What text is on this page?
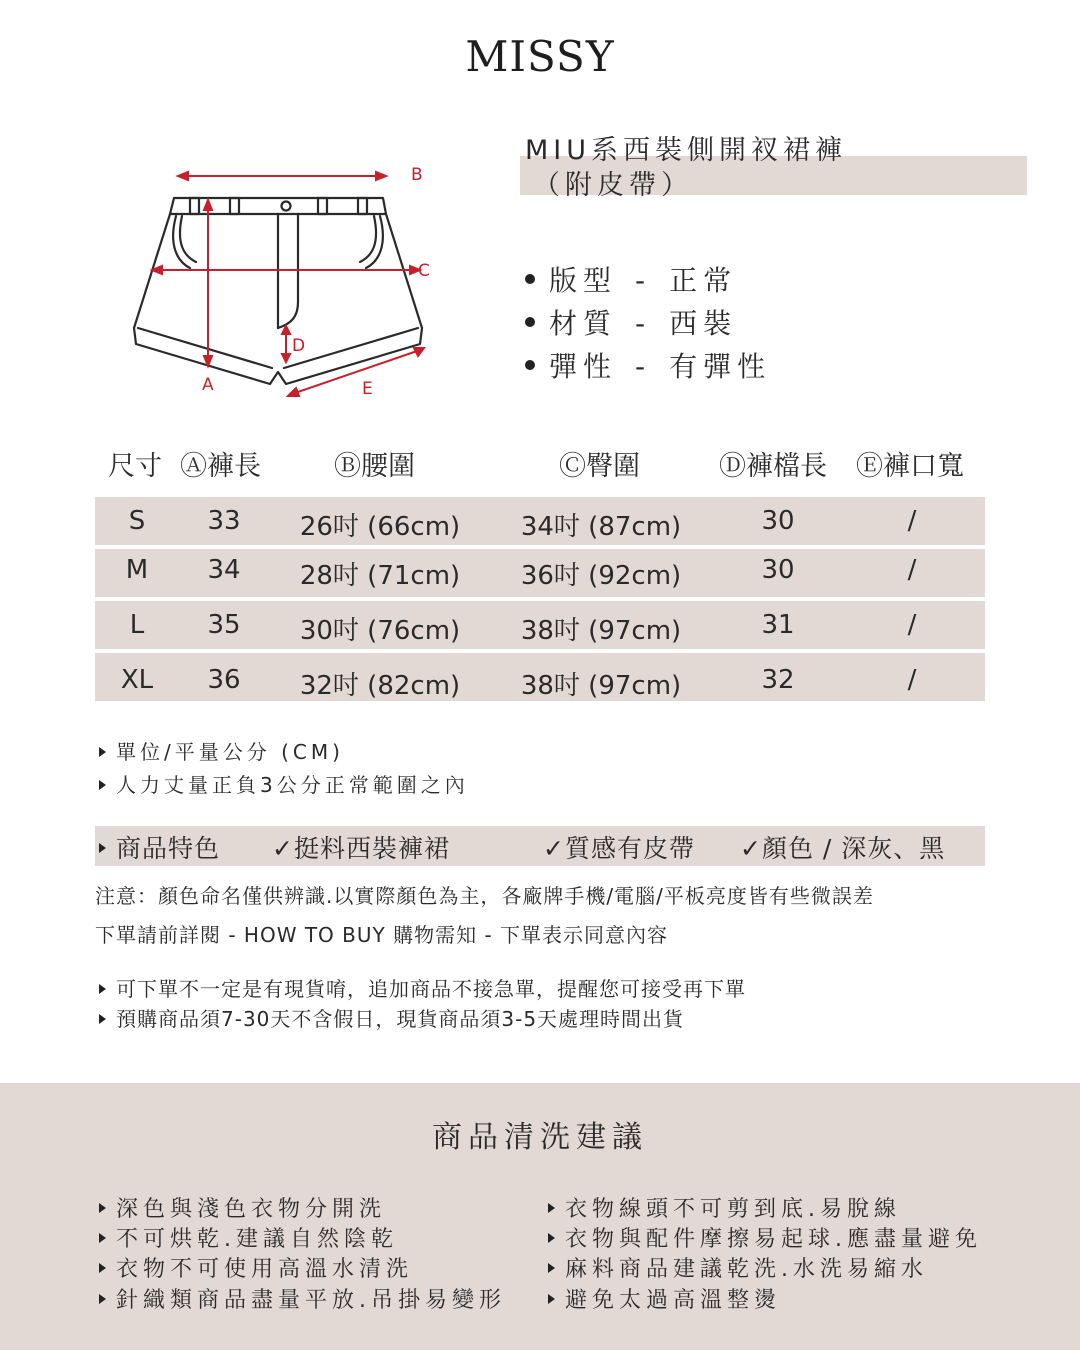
MISSY
B
C
A
D
E
MIU系西裝側開衩裙褲
（附皮帶）
版型 - 正常
材質 - 西裝
彈性 - 有彈性
尺寸 Ⓐ褲長	Ⓑ腰圍	Ⓒ臀圍	Ⓓ褲檔長 Ⓔ褲口寬
S 33 26吋 (66cm) 34吋 (87cm)	30	/
M 34 28吋 (71cm) 36吋 (92cm)	30	/
L 35 30吋 (76cm) 38吋 (97cm)	31	/
XL 36 32吋 (82cm) 38吋 (97cm)	32	/
單位/平量公分 (CM)
人力丈量正負3公分正常範圍之內
商品特色 ✓挺料西裝褲裙	✓質感有皮帶 ✓顏色 / 深灰、黑
注意：顏色命名僅供辨識.以實際顏色為主，各廠牌手機/電腦/平板亮度皆有些微誤差
下單請前詳閱 - HOW TO BUY 購物需知 - 下單表示同意內容
可下單不一定是有現貨唷，追加商品不接急單，提醒您可接受再下單
預購商品須7-30天不含假日，現貨商品須3-5天處理時間出貨
商品清洗建議
深色與淺色衣物分開洗
不可烘乾.建議自然陰乾
衣物不可使用高溫水清洗
針織類商品盡量平放.吊掛易變形
衣物線頭不可剪到底.易脫線
衣物與配件摩擦易起球.應盡量避免
麻料商品建議乾洗.水洗易縮水
避免太過高溫整燙
